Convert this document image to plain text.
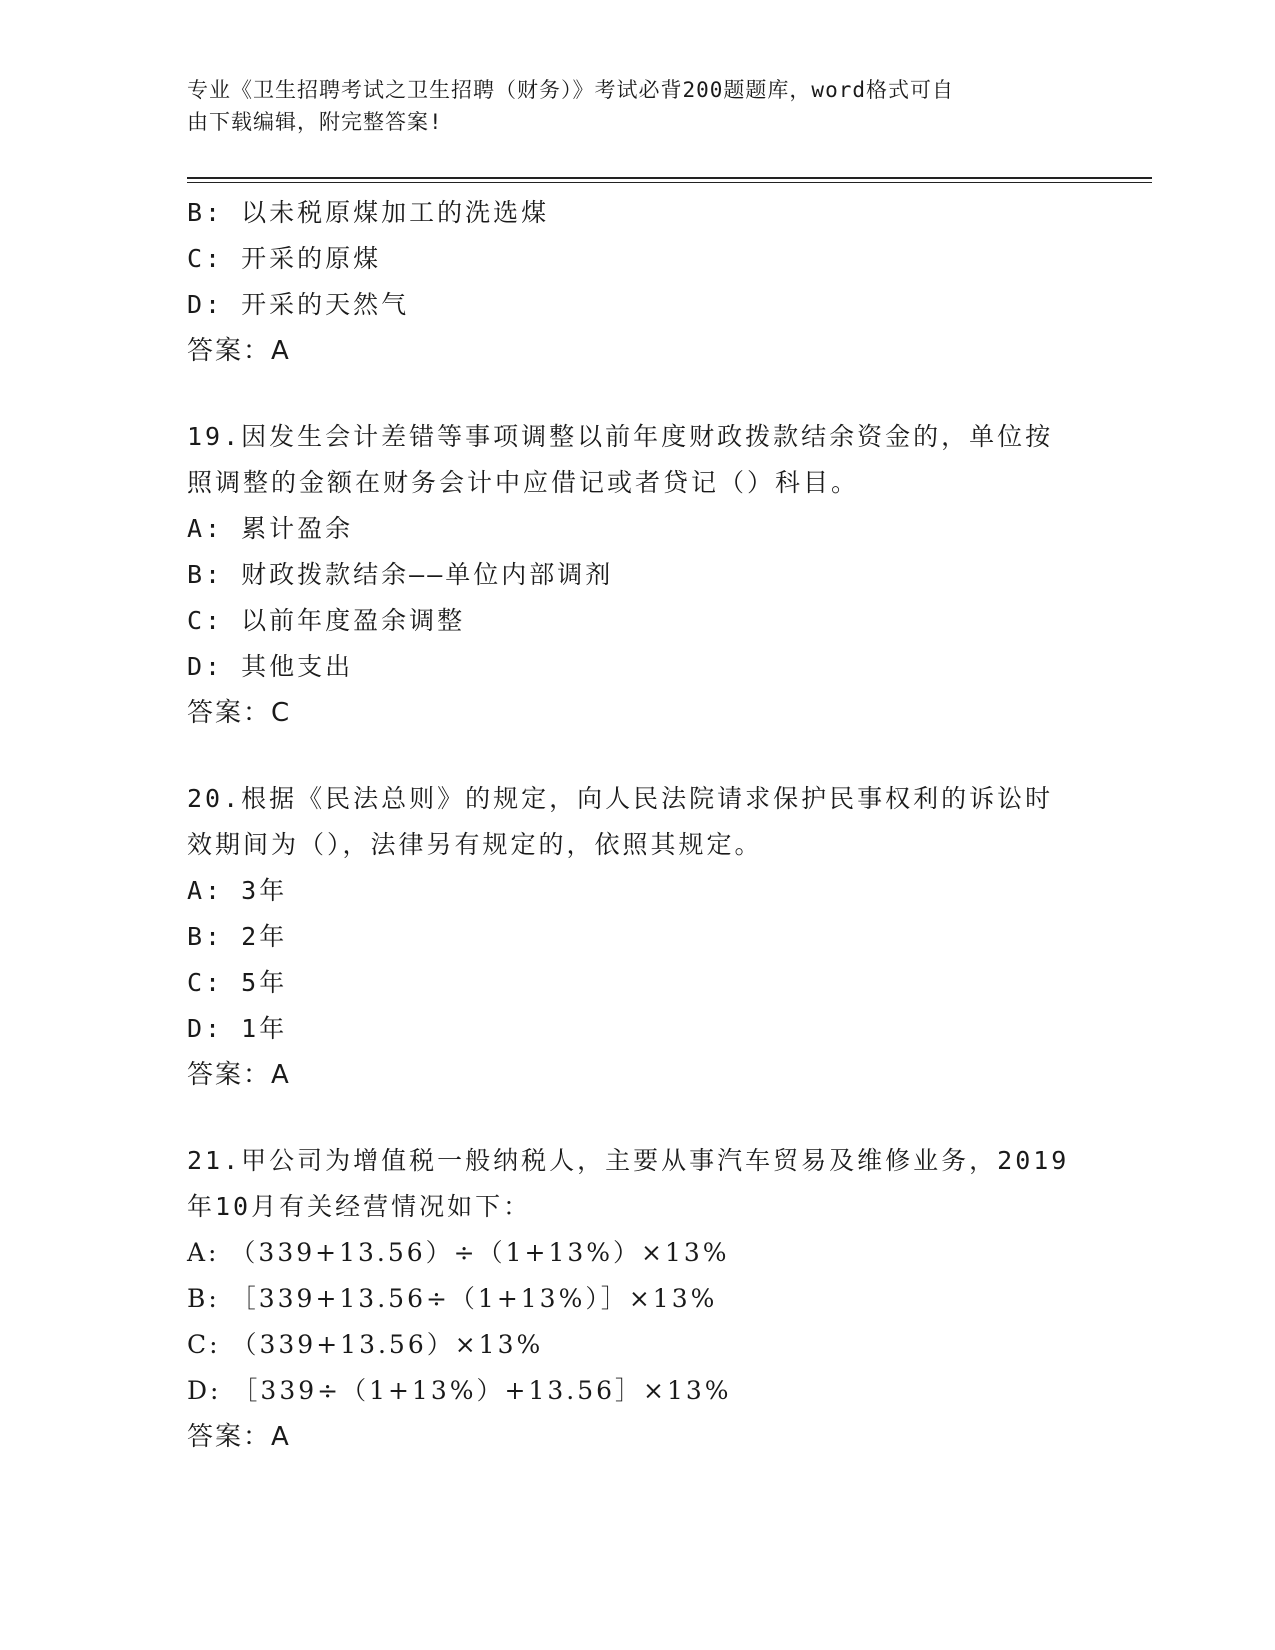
专业《卫生招聘考试之卫生招聘（财务）》考试必背200题题库，word格式可自
由下载编辑，附完整答案!
B: 以未税原煤加工的洗选煤
C: 开采的原煤
D: 开采的天然气
答案：A
19.因发生会计差错等事项调整以前年度财政拨款结余资金的，单位按
照调整的金额在财务会计中应借记或者贷记（）科目。
A: 累计盈余
B: 财政拨款结余——单位内部调剂
C: 以前年度盈余调整
D: 其他支出
答案：C
20.根据《民法总则》的规定，向人民法院请求保护民事权利的诉讼时
效期间为（），法律另有规定的，依照其规定。
A: 3年
B: 2年
C: 5年
D: 1年
答案：A
21.甲公司为增值税一般纳税人，主要从事汽车贸易及维修业务，2019
年10月有关经营情况如下：
A: （339+13.56）÷（1+13%）×13%
B: ［339+13.56÷（1+13%）］×13%
C: （339+13.56）×13%
D: ［339÷（1+13%）+13.56］×13%
答案：A
